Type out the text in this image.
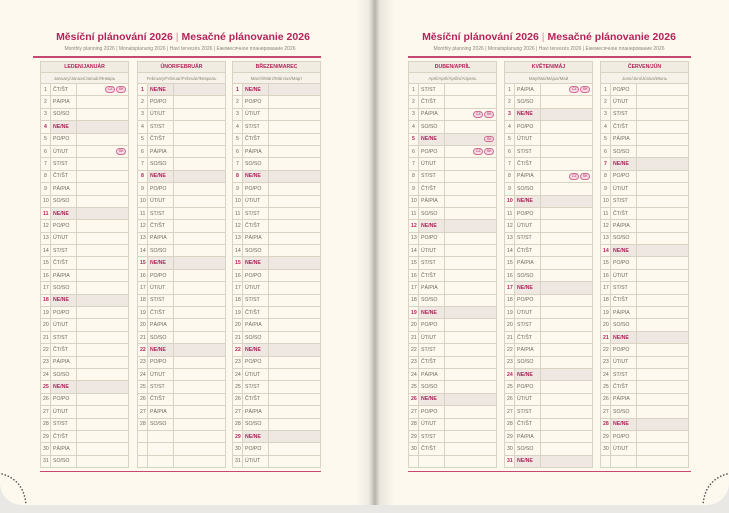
Měsíční plánování 2026 | Mesačné plánovanie 2026
Monthly planning 2026 | Monatsplanung 2026 | Havi tervezés 2026 | Ежемесячное планирование 2026
Měsíční plánování 2026 | Mesačné plánovanie 2026
Monthly planning 2026 | Monatsplanung 2026 | Havi tervezés 2026 | Ежемесячное планирование 2026
LEDEN/JANUÁR		
January/Januar/Január/Январь		
1	ČT/ŠT	CZ SK
2	PÁ/PIA	
3	SO/SO	
4	NE/NE	
5	PO/PO	
6	ÚT/UT	SK
7	ST/ST	
8	ČT/ŠT	
9	PÁ/PIA	
10	SO/SO	
11	NE/NE	
12	PO/PO	
13	ÚT/UT	
14	ST/ST	
15	ČT/ŠT	
16	PÁ/PIA	
17	SO/SO	
18	NE/NE	
19	PO/PO	
20	ÚT/UT	
21	ST/ST	
22	ČT/ŠT	
23	PÁ/PIA	
24	SO/SO	
25	NE/NE	
26	PO/PO	
27	ÚT/UT	
28	ST/ST	
29	ČT/ŠT	
30	PÁ/PIA	
31	SO/SO	
ÚNOR/FEBRUÁR		
February/Februar/Február/Февраль		
1	NE/NE	
2	PO/PO	
3	ÚT/UT	
4	ST/ST	
5	ČT/ŠT	
6	PÁ/PIA	
7	SO/SO	
8	NE/NE	
9	PO/PO	
10	ÚT/UT	
11	ST/ST	
12	ČT/ŠT	
13	PÁ/PIA	
14	SO/SO	
15	NE/NE	
16	PO/PO	
17	ÚT/UT	
18	ST/ST	
19	ČT/ŠT	
20	PÁ/PIA	
21	SO/SO	
22	NE/NE	
23	PO/PO	
24	ÚT/UT	
25	ST/ST	
26	ČT/ŠT	
27	PÁ/PIA	
28	SO/SO	

BŘEZEN/MAREC		
March/März/Március/Март		
1	NE/NE	
2	PO/PO	
3	ÚT/UT	
4	ST/ST	
5	ČT/ŠT	
6	PÁ/PIA	
7	SO/SO	
8	NE/NE	
9	PO/PO	
10	ÚT/UT	
11	ST/ST	
12	ČT/ŠT	
13	PÁ/PIA	
14	SO/SO	
15	NE/NE	
16	PO/PO	
17	ÚT/UT	
18	ST/ST	
19	ČT/ŠT	
20	PÁ/PIA	
21	SO/SO	
22	NE/NE	
23	PO/PO	
24	ÚT/UT	
25	ST/ST	
26	ČT/ŠT	
27	PÁ/PIA	
28	SO/SO	
29	NE/NE	
30	PO/PO	
31	ÚT/UT	
DUBEN/APRÍL		
April/April/Április/Апрель		
1	ST/ST	
2	ČT/ŠT	
3	PÁ/PIA	CZ SK
4	SO/SO	
5	NE/NE	SK
6	PO/PO	CZ SK
7	ÚT/UT	
8	ST/ST	
9	ČT/ŠT	
10	PÁ/PIA	
11	SO/SO	
12	NE/NE	
13	PO/PO	
14	ÚT/UT	
15	ST/ST	
16	ČT/ŠT	
17	PÁ/PIA	
18	SO/SO	
19	NE/NE	
20	PO/PO	
21	ÚT/UT	
22	ST/ST	
23	ČT/ŠT	
24	PÁ/PIA	
25	SO/SO	
26	NE/NE	
27	PO/PO	
28	ÚT/UT	
29	ST/ST	
30	ČT/ŠT	

KVĚTEN/MÁJ		
May/Mai/Május/Май		
1	PÁ/PIA	CZ SK
2	SO/SO	
3	NE/NE	
4	PO/PO	
5	ÚT/UT	
6	ST/ST	
7	ČT/ŠT	
8	PÁ/PIA	CZ SK
9	SO/SO	
10	NE/NE	
11	PO/PO	
12	ÚT/UT	
13	ST/ST	
14	ČT/ŠT	
15	PÁ/PIA	
16	SO/SO	
17	NE/NE	
18	PO/PO	
19	ÚT/UT	
20	ST/ST	
21	ČT/ŠT	
22	PÁ/PIA	
23	SO/SO	
24	NE/NE	
25	PO/PO	
26	ÚT/UT	
27	ST/ST	
28	ČT/ŠT	
29	PÁ/PIA	
30	SO/SO	
31	NE/NE	
ČERVEN/JÚN		
June/Juni/Június/Июнь		
1	PO/PO	
2	ÚT/UT	
3	ST/ST	
4	ČT/ŠT	
5	PÁ/PIA	
6	SO/SO	
7	NE/NE	
8	PO/PO	
9	ÚT/UT	
10	ST/ST	
11	ČT/ŠT	
12	PÁ/PIA	
13	SO/SO	
14	NE/NE	
15	PO/PO	
16	ÚT/UT	
17	ST/ST	
18	ČT/ŠT	
19	PÁ/PIA	
20	SO/SO	
21	NE/NE	
22	PO/PO	
23	ÚT/UT	
24	ST/ST	
25	ČT/ŠT	
26	PÁ/PIA	
27	SO/SO	
28	NE/NE	
29	PO/PO	
30	ÚT/UT	
